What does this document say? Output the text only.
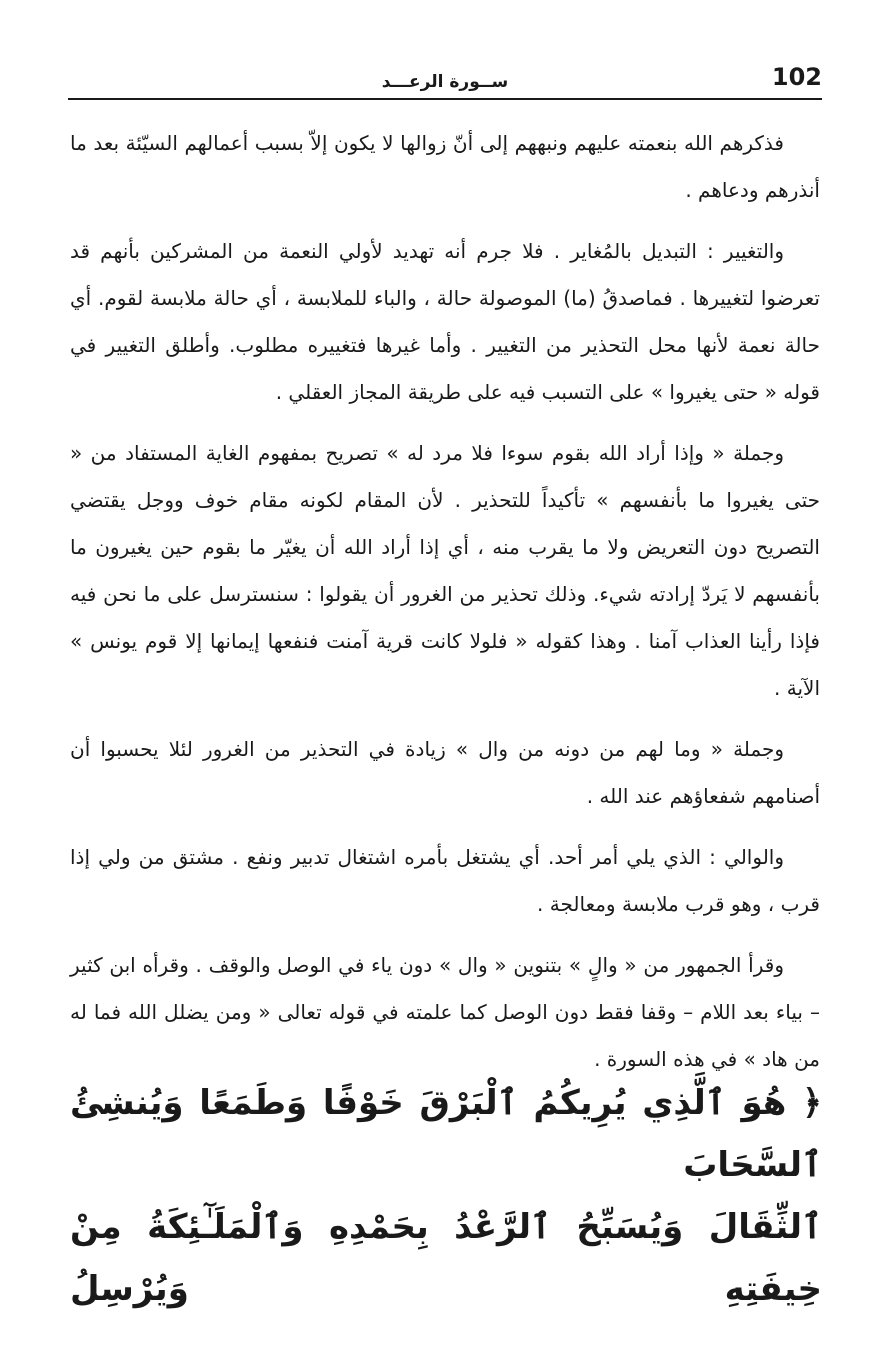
102
ســورة الرعـــد

فذكرهم الله بنعمته عليهم ونبههم إلى أنّ زوالها لا يكون إلاّ بسبب أعمالهم السيّئة بعد ما أنذرهم ودعاهم .

والتغيير : التبديل بالمُغاير . فلا جرم أنه تهديد لأولي النعمة من المشركين بأنهم قد تعرضوا لتغييرها . فماصدقُ (ما) الموصولة حالة ، والباء للملابسة ، أي حالة ملابسة لقوم. أي حالة نعمة لأنها محل التحذير من التغيير . وأما غيرها فتغييره مطلوب. وأطلق التغيير في قوله « حتى يغيروا » على التسبب فيه على طريقة المجاز العقلي .

وجملة « وإذا أراد الله بقوم سوءا فلا مرد له » تصريح بمفهوم الغاية المستفاد من « حتى يغيروا ما بأنفسهم » تأكيداً للتحذير . لأن المقام لكونه مقام خوف ووجل يقتضي التصريح دون التعريض ولا ما يقرب منه ، أي إذا أراد الله أن يغيّر ما بقوم حين يغيرون ما بأنفسهم لا يَردّ إرادته شيء. وذلك تحذير من الغرور أن يقولوا : سنسترسل على ما نحن فيه فإذا رأينا العذاب آمنا . وهذا كقوله « فلولا كانت قرية آمنت فنفعها إيمانها إلا قوم يونس » الآية .

وجملة « وما لهم من دونه من وال » زيادة في التحذير من الغرور لئلا يحسبوا أن أصنامهم شفعاؤهم عند الله .

والوالي : الذي يلي أمر أحد. أي يشتغل بأمره اشتغال تدبير ونفع . مشتق من ولي إذا قرب ، وهو قرب ملابسة ومعالجة .

وقرأ الجمهور من « والٍ » بتنوين « وال » دون ياء في الوصل والوقف . وقرأه ابن كثير – بياء بعد اللام – وقفا فقط دون الوصل كما علمته في قوله تعالى « ومن يضلل الله فما له من هاد » في هذه السورة .

﴿ هُوَ ٱلَّذِي يُرِيكُمُ ٱلْبَرْقَ خَوْفًا وَطَمَعًا وَيُنشِئُ ٱلسَّحَابَ
ٱلثِّقَالَ وَيُسَبِّحُ ٱلرَّعْدُ بِحَمْدِهِ وَٱلْمَلَـٰٓئِكَةُ مِنْ خِيفَتِهِ وَيُرْسِلُ
